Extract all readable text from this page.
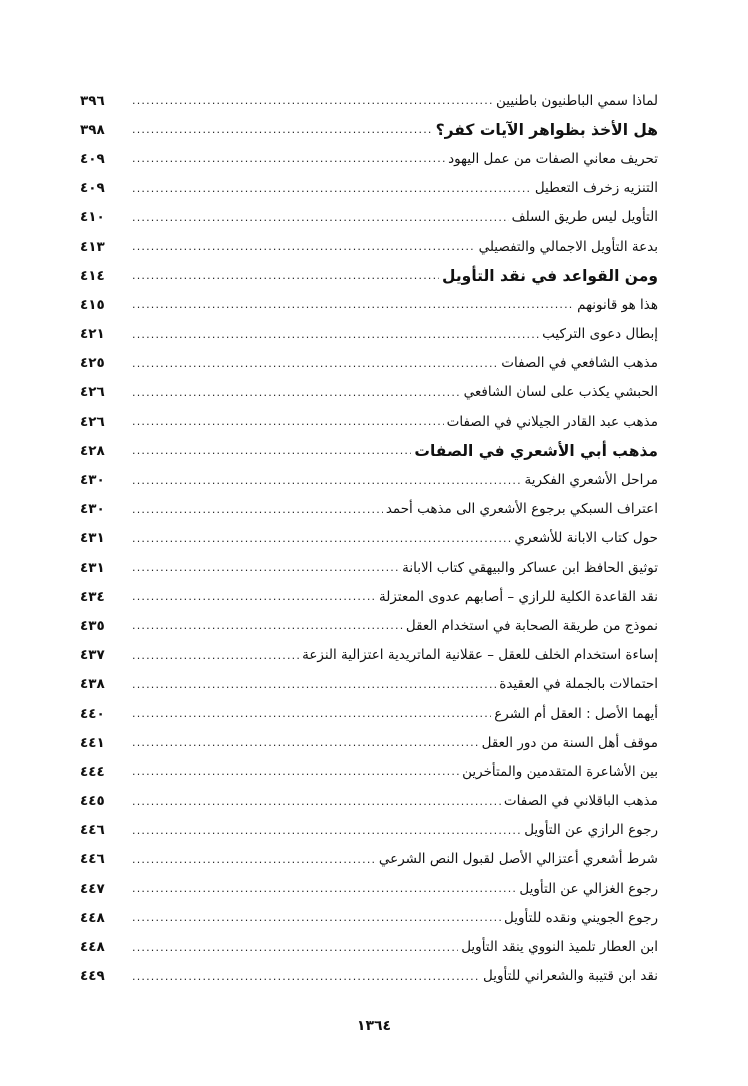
لماذا سمي الباطنيون باطنيين
.....
٣٩٦
هل الأخذ بظواهر الآيات كفر؟
.....
٣٩٨
تحريف معاني الصفات من عمل اليهود
.....
٤٠٩
التنزيه زخرف التعطيل
.....
٤٠٩
التأويل ليس طريق السلف
.....
٤١٠
بدعة التأويل الاجمالي والتفصيلي
.....
٤١٣
ومن القواعد في نقد التأويل
.....
٤١٤
هذا هو قانونهم
.....
٤١٥
إبطال دعوى التركيب
.....
٤٢١
مذهب الشافعي في الصفات
.....
٤٢٥
الحبشي يكذب على لسان الشافعي
.....
٤٢٦
مذهب عبد القادر الجيلاني في الصفات
.....
٤٢٦
مذهب أبي الأشعري في الصفات
.....
٤٢٨
مراحل الأشعري الفكرية
.....
٤٣٠
اعتراف السبكي برجوع الأشعري الى مذهب أحمد
.....
٤٣٠
حول كتاب الابانة للأشعري
.....
٤٣١
توثيق الحافظ ابن عساكر والبيهقي كتاب الابانة
.....
٤٣١
نقد القاعدة الكلية للرازي – أصابهم عدوى المعتزلة
.....
٤٣٤
نموذج من طريقة الصحابة في استخدام العقل
.....
٤٣٥
إساءة استخدام الخلف للعقل – عقلانية الماتريدية اعتزالية النزعة
.....
٤٣٧
احتمالات بالجملة في العقيدة
.....
٤٣٨
أيهما الأصل : العقل أم الشرع
.....
٤٤٠
موقف أهل السنة من دور العقل
.....
٤٤١
بين الأشاعرة المتقدمين والمتأخرين
.....
٤٤٤
مذهب الباقلاني في الصفات
.....
٤٤٥
رجوع الرازي عن التأويل
.....
٤٤٦
شرط أشعري أعتزالي الأصل لقبول النص الشرعي
.....
٤٤٦
رجوع الغزالي عن التأويل
.....
٤٤٧
رجوع الجويني ونقده للتأويل
.....
٤٤٨
ابن العطار تلميذ النووي ينقد التأويل
.....
٤٤٨
نقد ابن قتيبة والشعراني للتأويل
.....
٤٤٩
١٣٦٤
